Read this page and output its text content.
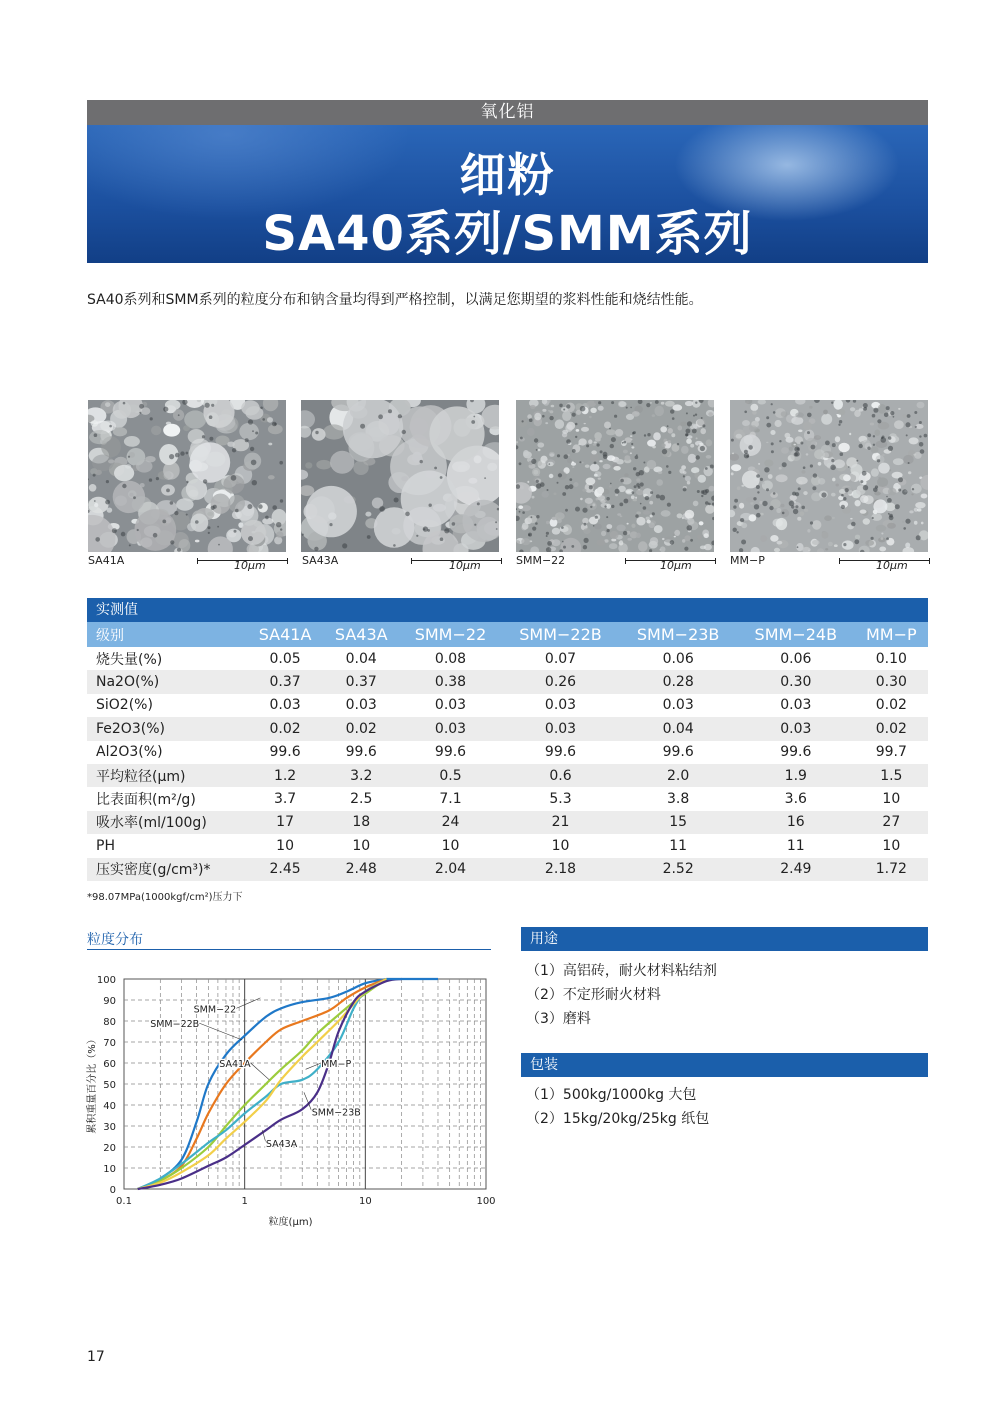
氧化铝
细粉
SA40系列/SMM系列
SA40系列和SMM系列的粒度分布和钠含量均得到严格控制，以满足您期望的浆料性能和烧结性能。
SA41A	10μm	SA43A	10μm	SMM−22	10μm	MM−P	10μm
实测值
级别	SA41A	SA43A	SMM−22	SMM−22B	SMM−23B	SMM−24B	MM−P
烧失量(%)	0.05	0.04	0.08	0.07	0.06	0.06	0.10
Na2O(%)	0.37	0.37	0.38	0.26	0.28	0.30	0.30
SiO2(%)	0.03	0.03	0.03	0.03	0.03	0.03	0.02
Fe2O3(%)	0.02	0.02	0.03	0.03	0.04	0.03	0.02
Al2O3(%)	99.6	99.6	99.6	99.6	99.6	99.6	99.7
平均粒径(μm)	1.2	3.2	0.5	0.6	2.0	1.9	1.5
比表面积(m²/g)	3.7	2.5	7.1	5.3	3.8	3.6	10
吸水率(ml/100g)	17	18	24	21	15	16	27
PH	10	10	10	10	11	11	10
压实密度(g/cm³)*	2.45	2.48	2.04	2.18	2.52	2.49	1.72
*98.07MPa(1000kgf/cm²)压力下
粒度分布
0
10
20
30
40
50
60
70
80
90
100
0.1	1	10	100
粒度(μm)
累积重量百分比（%）
SMM−22
SMM−22B
SA41A
SMM−23B
MM−P
SA43A
用途
（1）高铝砖，耐火材料粘结剂
（2）不定形耐火材料
（3）磨料
包装
（1）500kg/1000kg 大包
（2）15kg/20kg/25kg 纸包
17
